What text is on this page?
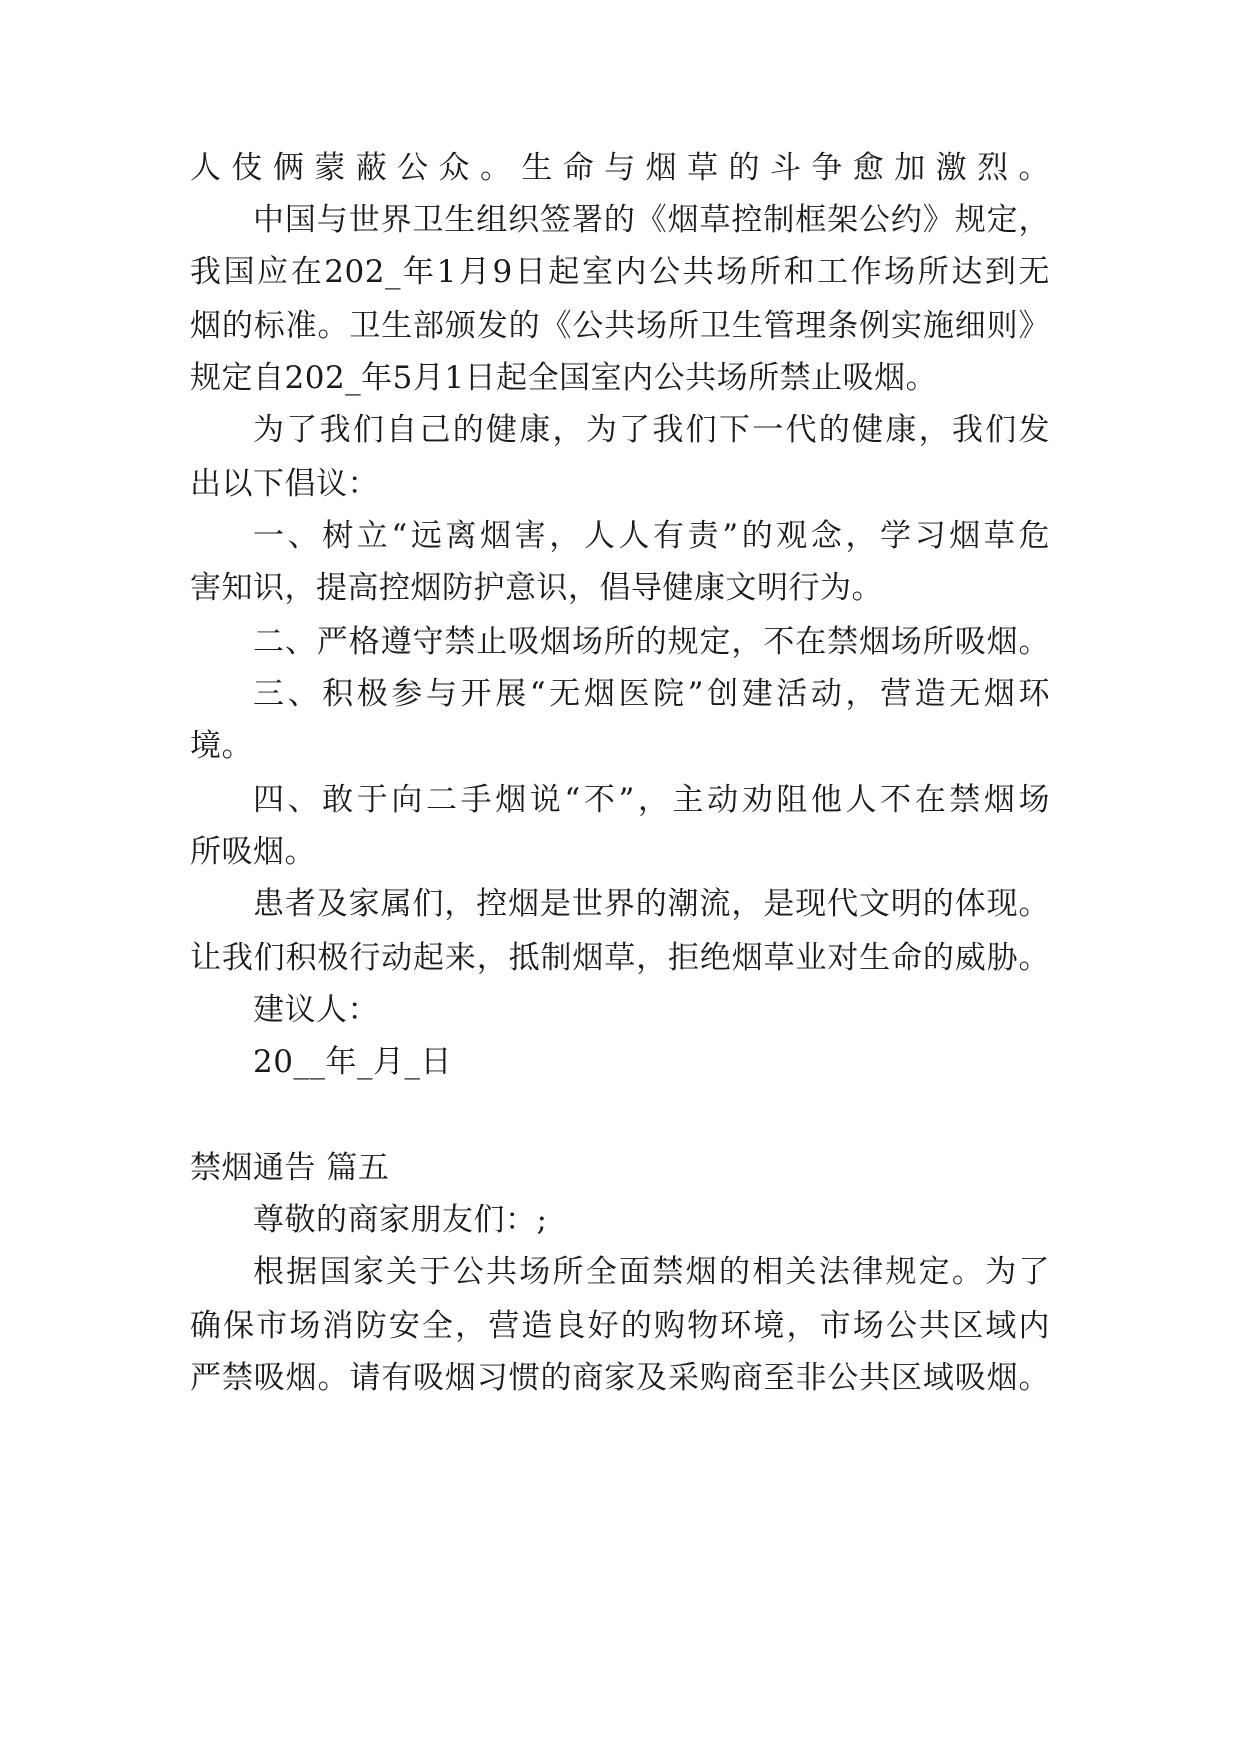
人伎俩蒙蔽公众。生命与烟草的斗争愈加激烈。
中国与世界卫生组织签署的《烟草控制框架公约》规定，
我国应在202_年1月9日起室内公共场所和工作场所达到无
烟的标准。卫生部颁发的《公共场所卫生管理条例实施细则》
规定自202_年5月1日起全国室内公共场所禁止吸烟。
为了我们自己的健康，为了我们下一代的健康，我们发
出以下倡议：
一、树立“远离烟害，人人有责”的观念，学习烟草危
害知识，提高控烟防护意识，倡导健康文明行为。
二、严格遵守禁止吸烟场所的规定，不在禁烟场所吸烟。
三、积极参与开展“无烟医院”创建活动，营造无烟环
境。
四、敢于向二手烟说“不”，主动劝阻他人不在禁烟场
所吸烟。
患者及家属们，控烟是世界的潮流，是现代文明的体现。
让我们积极行动起来，抵制烟草，拒绝烟草业对生命的威胁。
建议人：
20__年_月_日
禁烟通告 篇五
尊敬的商家朋友们：;
根据国家关于公共场所全面禁烟的相关法律规定。为了
确保市场消防安全，营造良好的购物环境，市场公共区域内
严禁吸烟。请有吸烟习惯的商家及采购商至非公共区域吸烟。
